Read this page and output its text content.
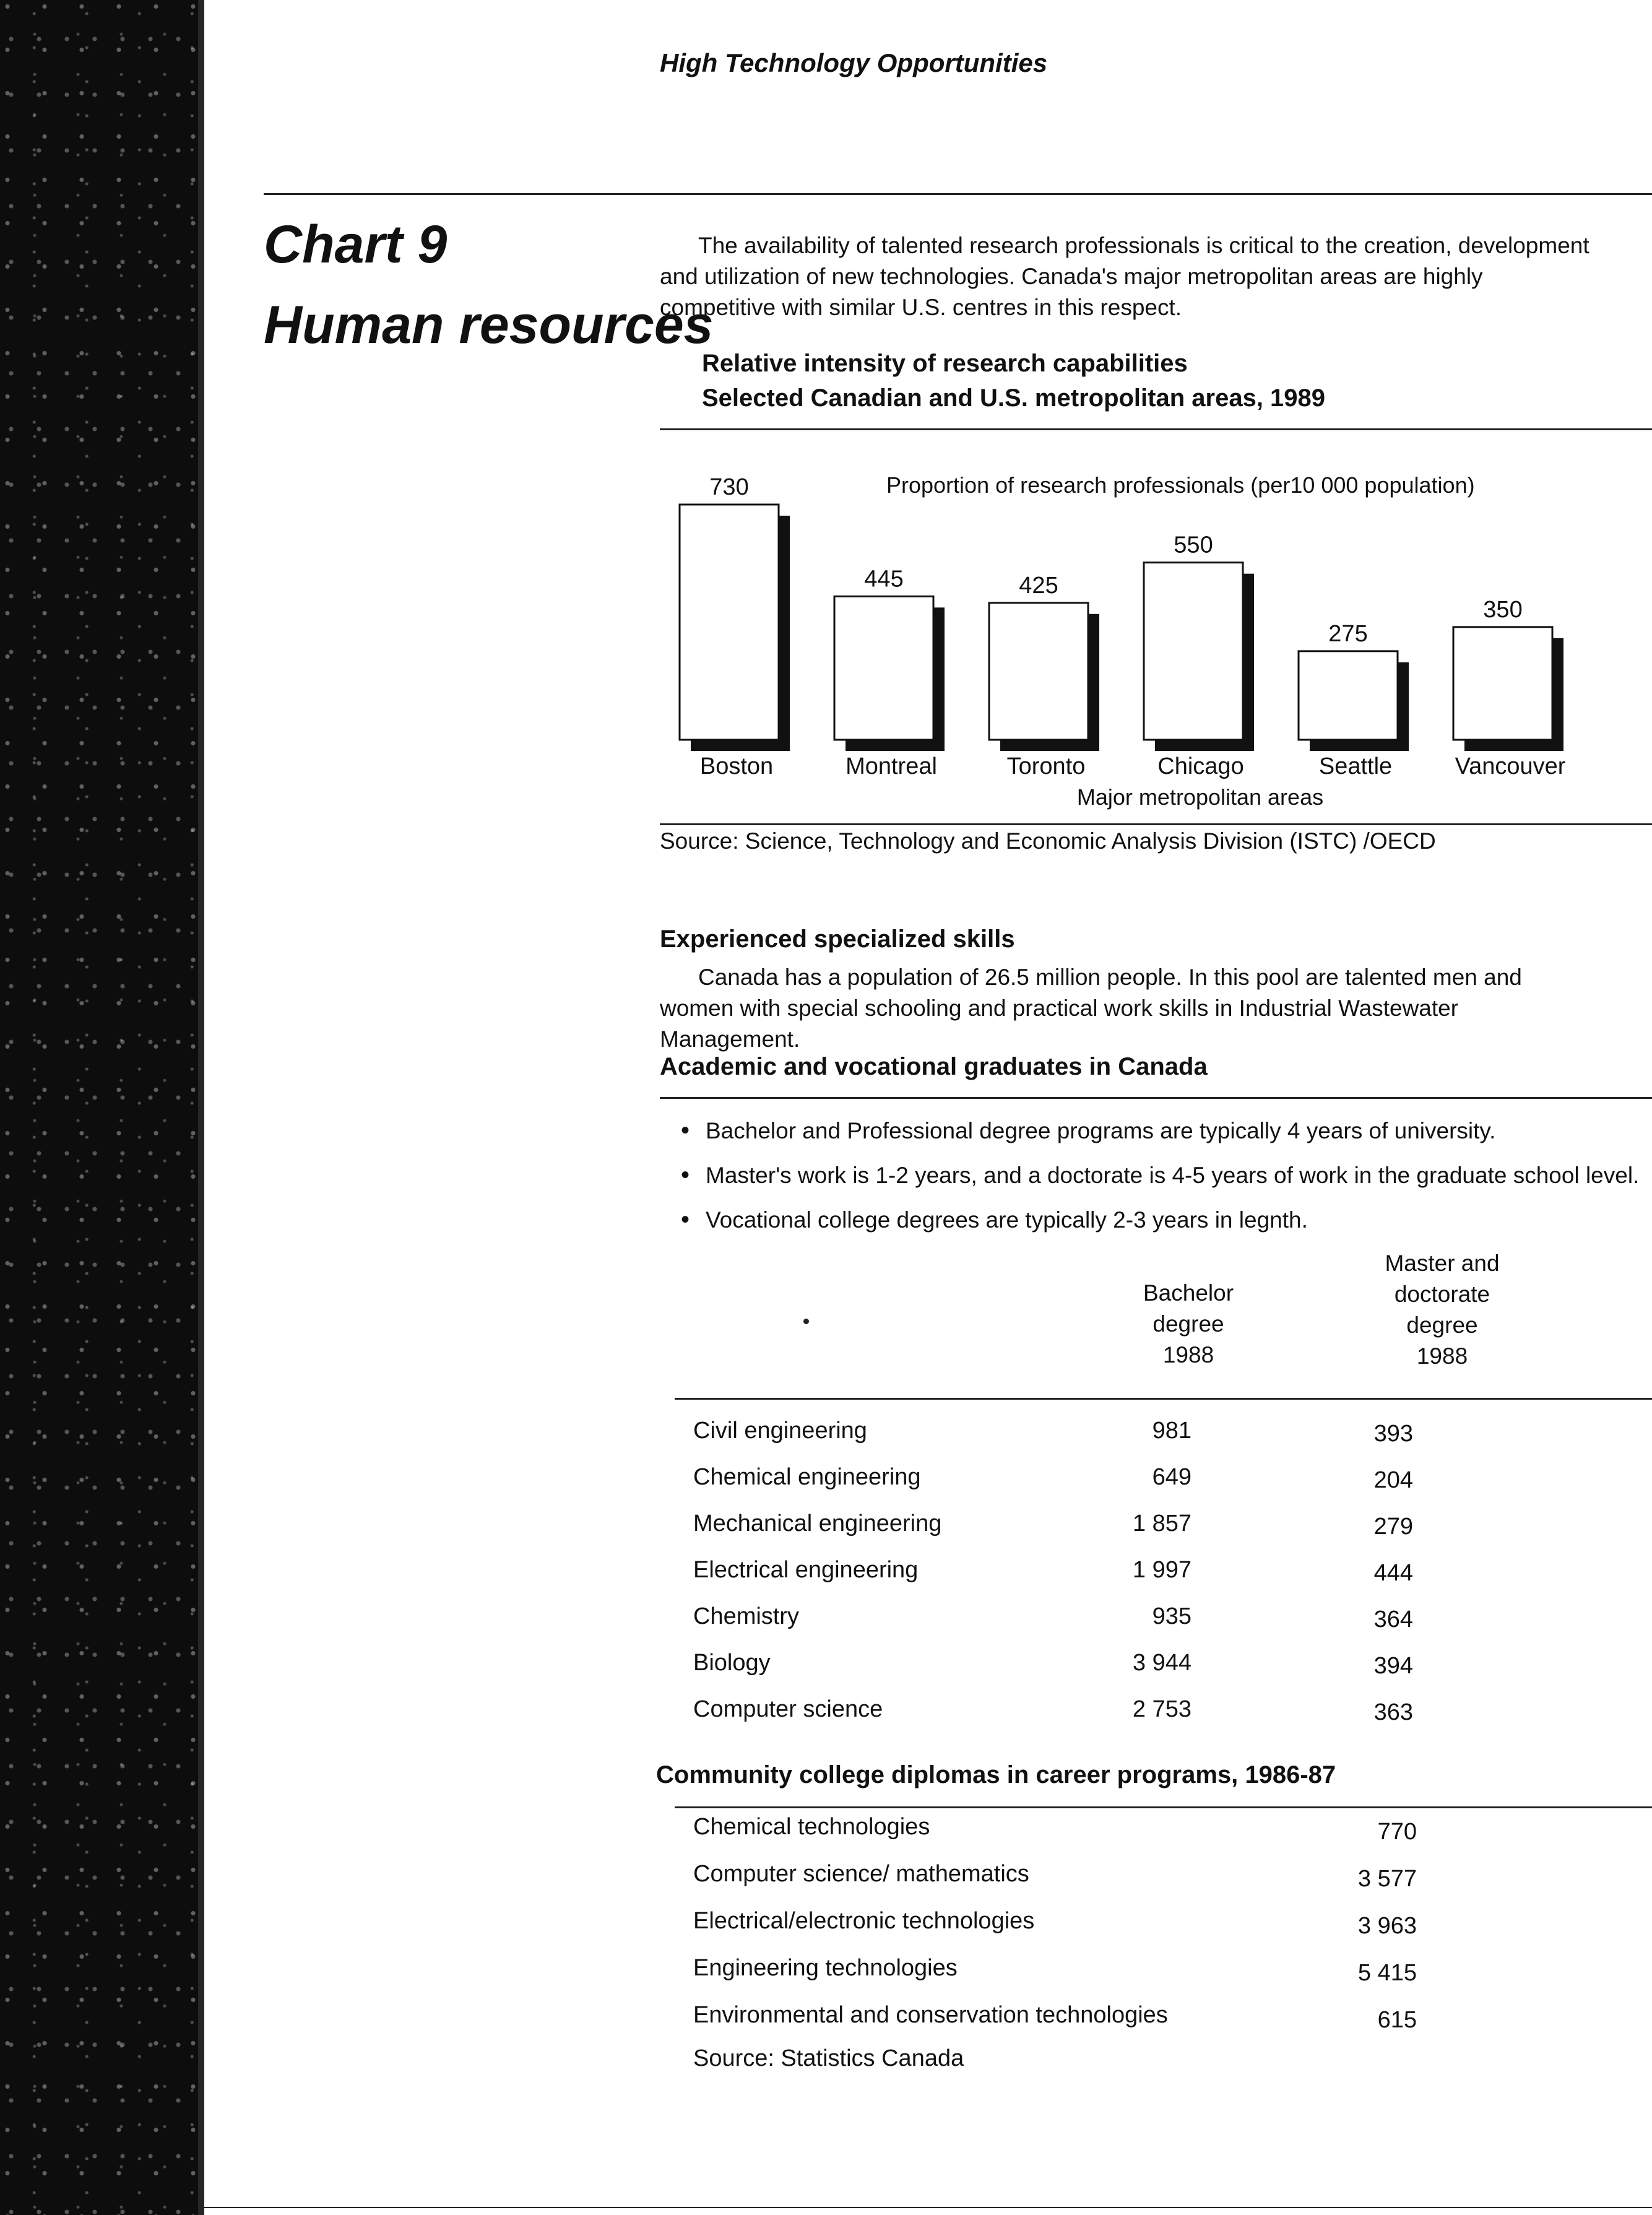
High Technology Opportunities

Chart 9

Human resources

The availability of talented research professionals is critical to the creation, development and utilization of new technologies. Canada's major metropolitan areas are highly competitive with similar U.S. centres in this respect.

Relative intensity of research capabilities

Selected Canadian and U.S. metropolitan areas, 1989

Proportion of research professionals (per10 000 population)
730
Boston
445
Montreal
425
Toronto
550
Chicago
275
Seattle
350
Vancouver
Major metropolitan areas

Source: Science, Technology and Economic Analysis Division (ISTC) /OECD

Experienced specialized skills

Canada has a population of 26.5 million people. In this pool are talented men and women with special schooling and practical work skills in Industrial Wastewater Management.

Academic and vocational graduates in Canada

• Bachelor and Professional degree programs are typically 4 years of university.
• Master's work is 1-2 years, and a doctorate is 4-5 years of work in the graduate school level.
• Vocational college degrees are typically 2-3 years in legnth.
Bachelor
degree
1988
Master and
doctorate
degree
1988
Civil engineering	981	393
Chemical engineering	649	204
Mechanical engineering	1 857	279
Electrical engineering	1 997	444
Chemistry	935	364
Biology	3 944	394
Computer science	2 753	363

Community college diplomas in career programs, 1986-87

Chemical technologies	770
Computer science/ mathematics	3 577
Electrical/electronic technologies	3 963
Engineering technologies	5 415
Environmental and conservation technologies	615

Source: Statistics Canada
